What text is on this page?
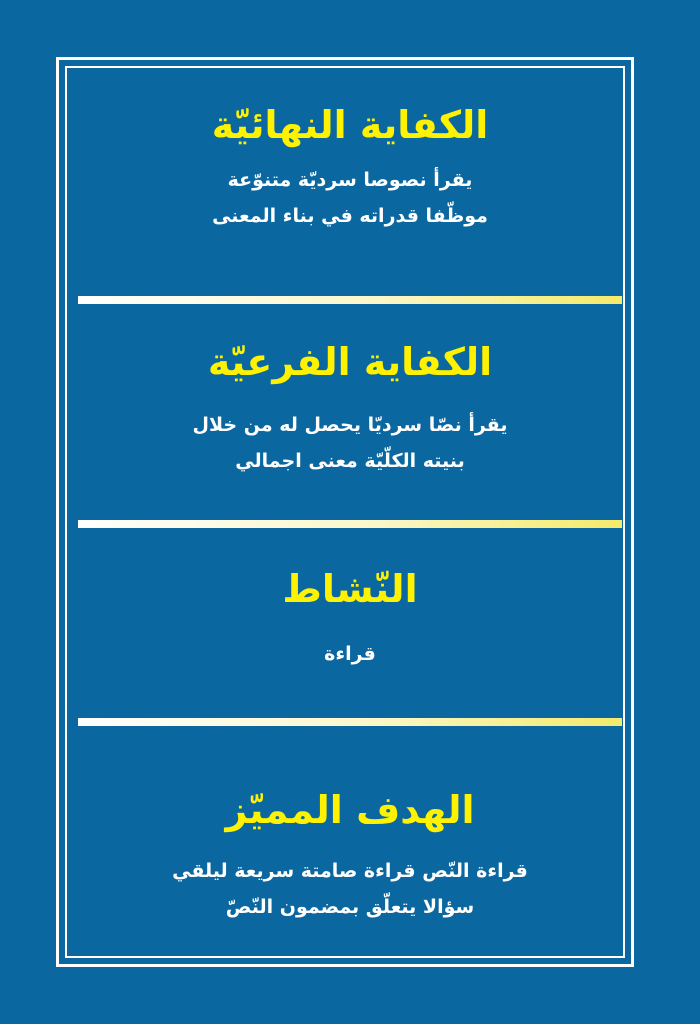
الكفاية النهائيّة

يقرأ نصوصا سرديّة متنوّعة

موظّفا قدراته في بناء المعنى

الكفاية الفرعيّة

يقرأ نصّا سرديّا يحصل له من خلال

بنيته الكلّيّة معنى اجمالي

النّشاط

قراءة

الهدف المميّز

قراءة النّص قراءة صامتة سريعة ليلقي

سؤالا يتعلّق بمضمون النّصّ
